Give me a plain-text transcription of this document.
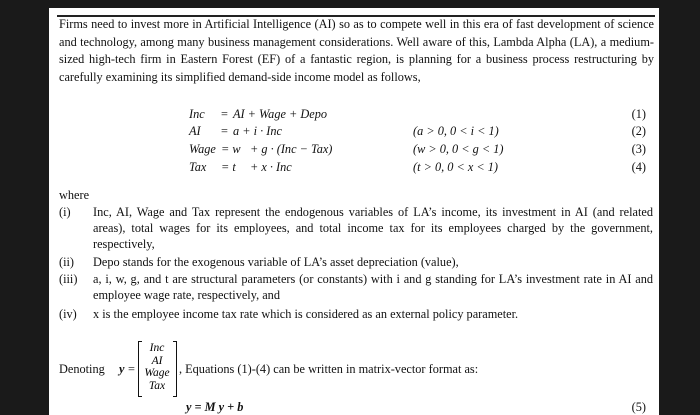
Firms need to invest more in Artificial Intelligence (AI) so as to compete well in this era of fast development of science and technology, among many business management considerations. Well aware of this, Lambda Alpha (LA), a medium-sized high-tech firm in Eastern Forest (EF) of a fantastic region, is planning for a business process restructuring by carefully examining its simplified demand-side income model as follows,
Inc = AI + Wage + Depo	(1)
AI = a + i · Inc	(a > 0, 0 < i < 1)	(2)
Wage = w + g · (Inc − Tax)	(w > 0, 0 < g < 1)	(3)
Tax = t + x · Inc	(t > 0, 0 < x < 1)	(4)
where
(i)	Inc, AI, Wage and Tax represent the endogenous variables of LA’s income, its investment in AI (and related areas), total wages for its employees, and total income tax for its employees charged by the government, respectively,
(ii)	Depo stands for the exogenous variable of LA’s asset depreciation (value),
(iii)	a, i, w, g, and t are structural parameters (or constants) with i and g standing for LA’s investment rate in AI and employee wage rate, respectively, and
(iv)	x is the employee income tax rate which is considered as an external policy parameter.
Denoting y =
Inc
AI
Wage
Tax
, Equations (1)-(4) can be written in matrix-vector format as:
y = M y + b	(5)
